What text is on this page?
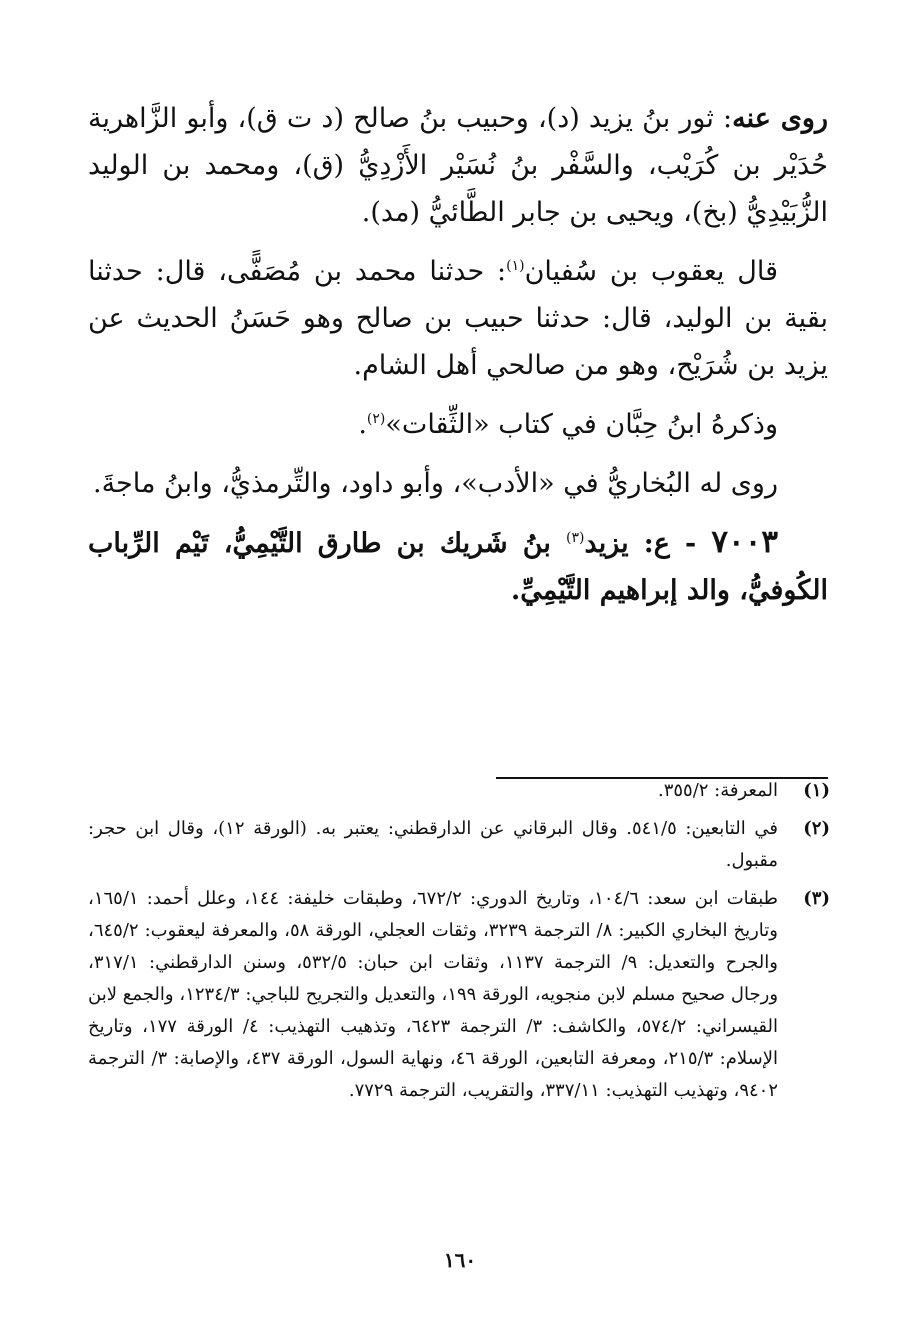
روى عنه: ثور بنُ يزيد (د)، وحبيب بنُ صالح (د ت ق)، وأبو الزَّاهرية حُدَيْر بن كُرَيْب، والسَّفْر بنُ نُسَيْر الأَزْدِيُّ (ق)، ومحمد بن الوليد الزُّبَيْدِيُّ (بخ)، ويحيى بن جابر الطَّائيُّ (مد).

قال يعقوب بن سُفيان$^{(١)}$: حدثنا محمد بن مُصَفًّى، قال: حدثنا بقية بن الوليد، قال: حدثنا حبيب بن صالح وهو حَسَنُ الحديث عن يزيد بن شُرَيْح، وهو من صالحي أهل الشام.

وذكرهُ ابنُ حِبَّان في كتاب «الثِّقات»$^{(٢)}$.

روى له البُخاريُّ في «الأدب»، وأبو داود، والتِّرمذيُّ، وابنُ ماجةَ.

٧٠٠٣ - ع: يزيد$^{(٣)}$ بنُ شَريك بن طارق التَّيْمِيُّ، تَيْم الرِّباب الكُوفيُّ، والد إبراهيم التَّيْمِيِّ.

(١)
المعرفة: ٣٥٥/٢.
(٢)
في التابعين: ٥٤١/٥. وقال البرقاني عن الدارقطني: يعتبر به. (الورقة ١٢)، وقال ابن حجر: مقبول.
(٣)
طبقات ابن سعد: ١٠٤/٦، وتاريخ الدوري: ٦٧٢/٢، وطبقات خليفة: ١٤٤، وعلل أحمد: ١٦٥/١، وتاريخ البخاري الكبير: ٨/ الترجمة ٣٢٣٩، وثقات العجلي، الورقة ٥٨، والمعرفة ليعقوب: ٦٤٥/٢، والجرح والتعديل: ٩/ الترجمة ١١٣٧، وثقات ابن حبان: ٥٣٢/٥، وسنن الدارقطني: ٣١٧/١، ورجال صحيح مسلم لابن منجويه، الورقة ١٩٩، والتعديل والتجريح للباجي: ١٢٣٤/٣، والجمع لابن القيسراني: ٥٧٤/٢، والكاشف: ٣/ الترجمة ٦٤٢٣، وتذهيب التهذيب: ٤/ الورقة ١٧٧، وتاريخ الإسلام: ٢١٥/٣، ومعرفة التابعين، الورقة ٤٦، ونهاية السول، الورقة ٤٣٧، والإصابة: ٣/ الترجمة ٩٤٠٢، وتهذيب التهذيب: ٣٣٧/١١، والتقريب، الترجمة ٧٧٢٩.
١٦٠
